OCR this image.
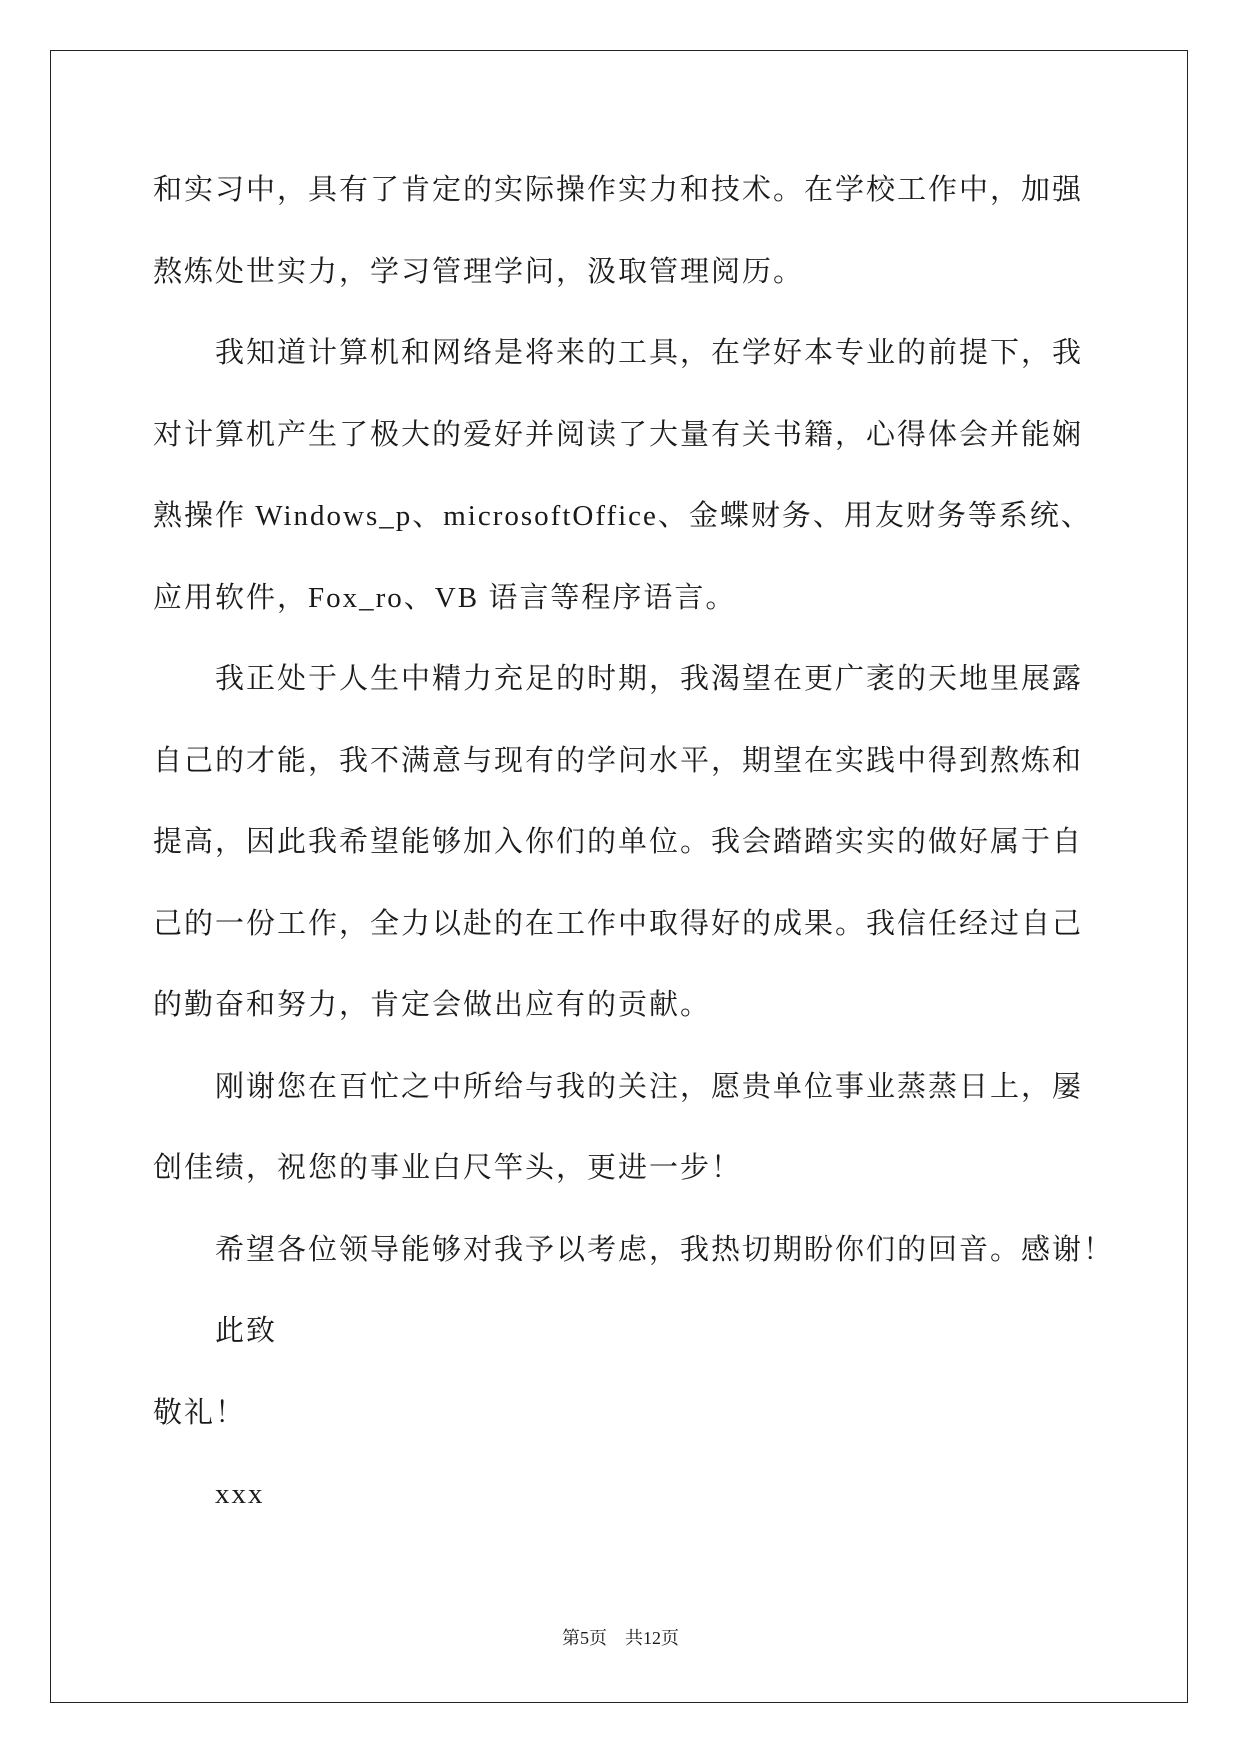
和实习中，具有了肯定的实际操作实力和技术。在学校工作中，加强
熬炼处世实力，学习管理学问，汲取管理阅历。
我知道计算机和网络是将来的工具，在学好本专业的前提下，我
对计算机产生了极大的爱好并阅读了大量有关书籍，心得体会并能娴
熟操作 Windows_p、microsoftOffice、金蝶财务、用友财务等系统、
应用软件，Fox_ro、VB 语言等程序语言。
我正处于人生中精力充足的时期，我渴望在更广袤的天地里展露
自己的才能，我不满意与现有的学问水平，期望在实践中得到熬炼和
提高，因此我希望能够加入你们的单位。我会踏踏实实的做好属于自
己的一份工作，全力以赴的在工作中取得好的成果。我信任经过自己
的勤奋和努力，肯定会做出应有的贡献。
刚谢您在百忙之中所给与我的关注，愿贵单位事业蒸蒸日上，屡
创佳绩，祝您的事业白尺竿头，更进一步！
希望各位领导能够对我予以考虑，我热切期盼你们的回音。感谢！
此致
敬礼！
xxx
第5页 共12页
